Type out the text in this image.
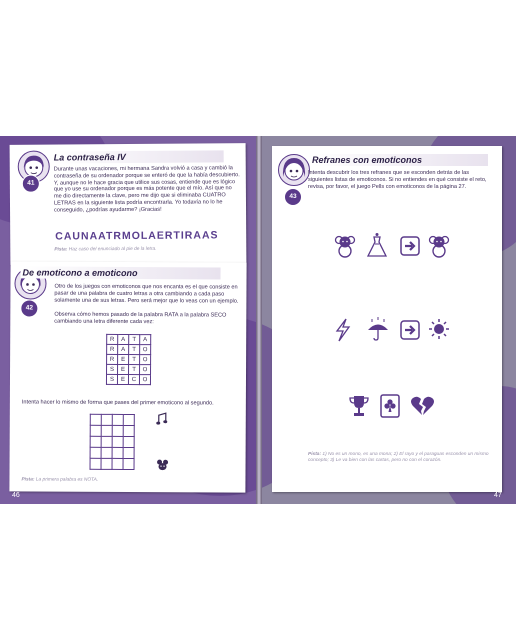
41
La contraseña IV
Durante unas vacaciones, mi hermana Sandra volvió a casa y cambió la contraseña de su ordenador porque se enteró de que la había descubierto. Y, aunque no le hace gracia que utilice sus cosas, entiende que es lógico que yo use su ordenador porque es más potente que el mío. Así que no me dio directamente la clave, pero me dijo que si eliminaba CUATRO LETRAS en la siguiente lista podría encontrarla. Yo todavía no lo he conseguido, ¿podrías ayudarme? ¡Gracias!
CAUNAATRMOLAERTIRAAS
Pista: Haz caso del enunciado al pie de la letra.
42
De emoticono a emoticono
Otro de los juegos con emoticonos que nos encanta es el que consiste en pasar de una palabra de cuatro letras a otra cambiando a cada paso solamente una de sus letras. Pero será mejor que lo veas con un ejemplo.
Observa cómo hemos pasado de la palabra RATA a la palabra SECO cambiando una letra diferente cada vez:
R	A	T	A
R	A	T	O
R	E	T	O
S	E	T	O
S	E	C	O
Intenta hacer lo mismo de forma que pases del primer emoticono al segundo.

Pista: La primera palabra es NOTA.
43
Refranes con emoticonos
Intenta descubrir los tres refranes que se esconden detrás de las siguientes listas de emoticonos. Si no entiendes en qué consiste el reto, revisa, por favor, el juego Pells con emoticonos de la página 27.
Pista: 1) No es un mono, es una mona; 2) El rayo y el paraguas esconden un mismo concepto; 3) Le va bien con las cartas, pero no con el corazón.
46	47
